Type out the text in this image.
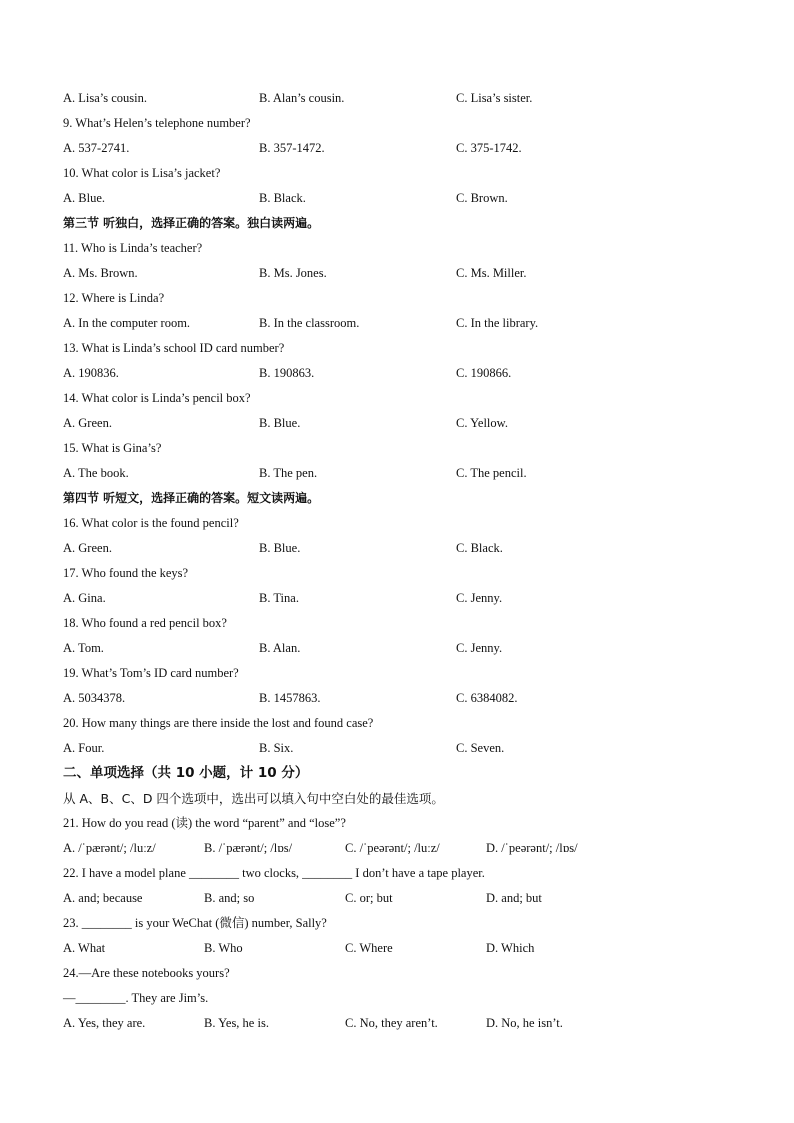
A. Lisa’s cousin.	B. Alan’s cousin.	C. Lisa’s sister.
9. What’s Helen’s telephone number?
A. 537-2741.	B. 357-1472.	C. 375-1742.
10. What color is Lisa’s jacket?
A. Blue.	B. Black.	C. Brown.
第三节 听独白，选择正确的答案。独白读两遍。
11. Who is Linda’s teacher?
A. Ms. Brown.	B. Ms. Jones.	C. Ms. Miller.
12. Where is Linda?
A. In the computer room.	B. In the classroom.	C. In the library.
13. What is Linda’s school ID card number?
A. 190836.	B. 190863.	C. 190866.
14. What color is Linda’s pencil box?
A. Green.	B. Blue.	C. Yellow.
15. What is Gina’s?
A. The book.	B. The pen.	C. The pencil.
第四节 听短文，选择正确的答案。短文读两遍。
16. What color is the found pencil?
A. Green.	B. Blue.	C. Black.
17. Who found the keys?
A. Gina.	B. Tina.	C. Jenny.
18. Who found a red pencil box?
A. Tom.	B. Alan.	C. Jenny.
19. What’s Tom’s ID card number?
A. 5034378.	B. 1457863.	C. 6384082.
20. How many things are there inside the lost and found case?
A. Four.	B. Six.	C. Seven.
二、单项选择（共 10 小题，计 10 分）
从 A、B、C、D 四个选项中，选出可以填入句中空白处的最佳选项。
21. How do you read (读) the word “parent” and “lose”?
A. /ˈpærənt/; /luːz/	B. /ˈpærənt/; /lɒs/	C. /ˈpeərənt/; /luːz/	D. /ˈpeərənt/; /lɒs/
22. I have a model plane ________ two clocks, ________ I don’t have a tape player.
A. and; because	B. and; so	C. or; but	D. and; but
23. ________ is your WeChat (微信) number, Sally?
A. What	B. Who	C. Where	D. Which
24.—Are these notebooks yours?
—________. They are Jim’s.
A. Yes, they are.	B. Yes, he is.	C. No, they aren’t.	D. No, he isn’t.
